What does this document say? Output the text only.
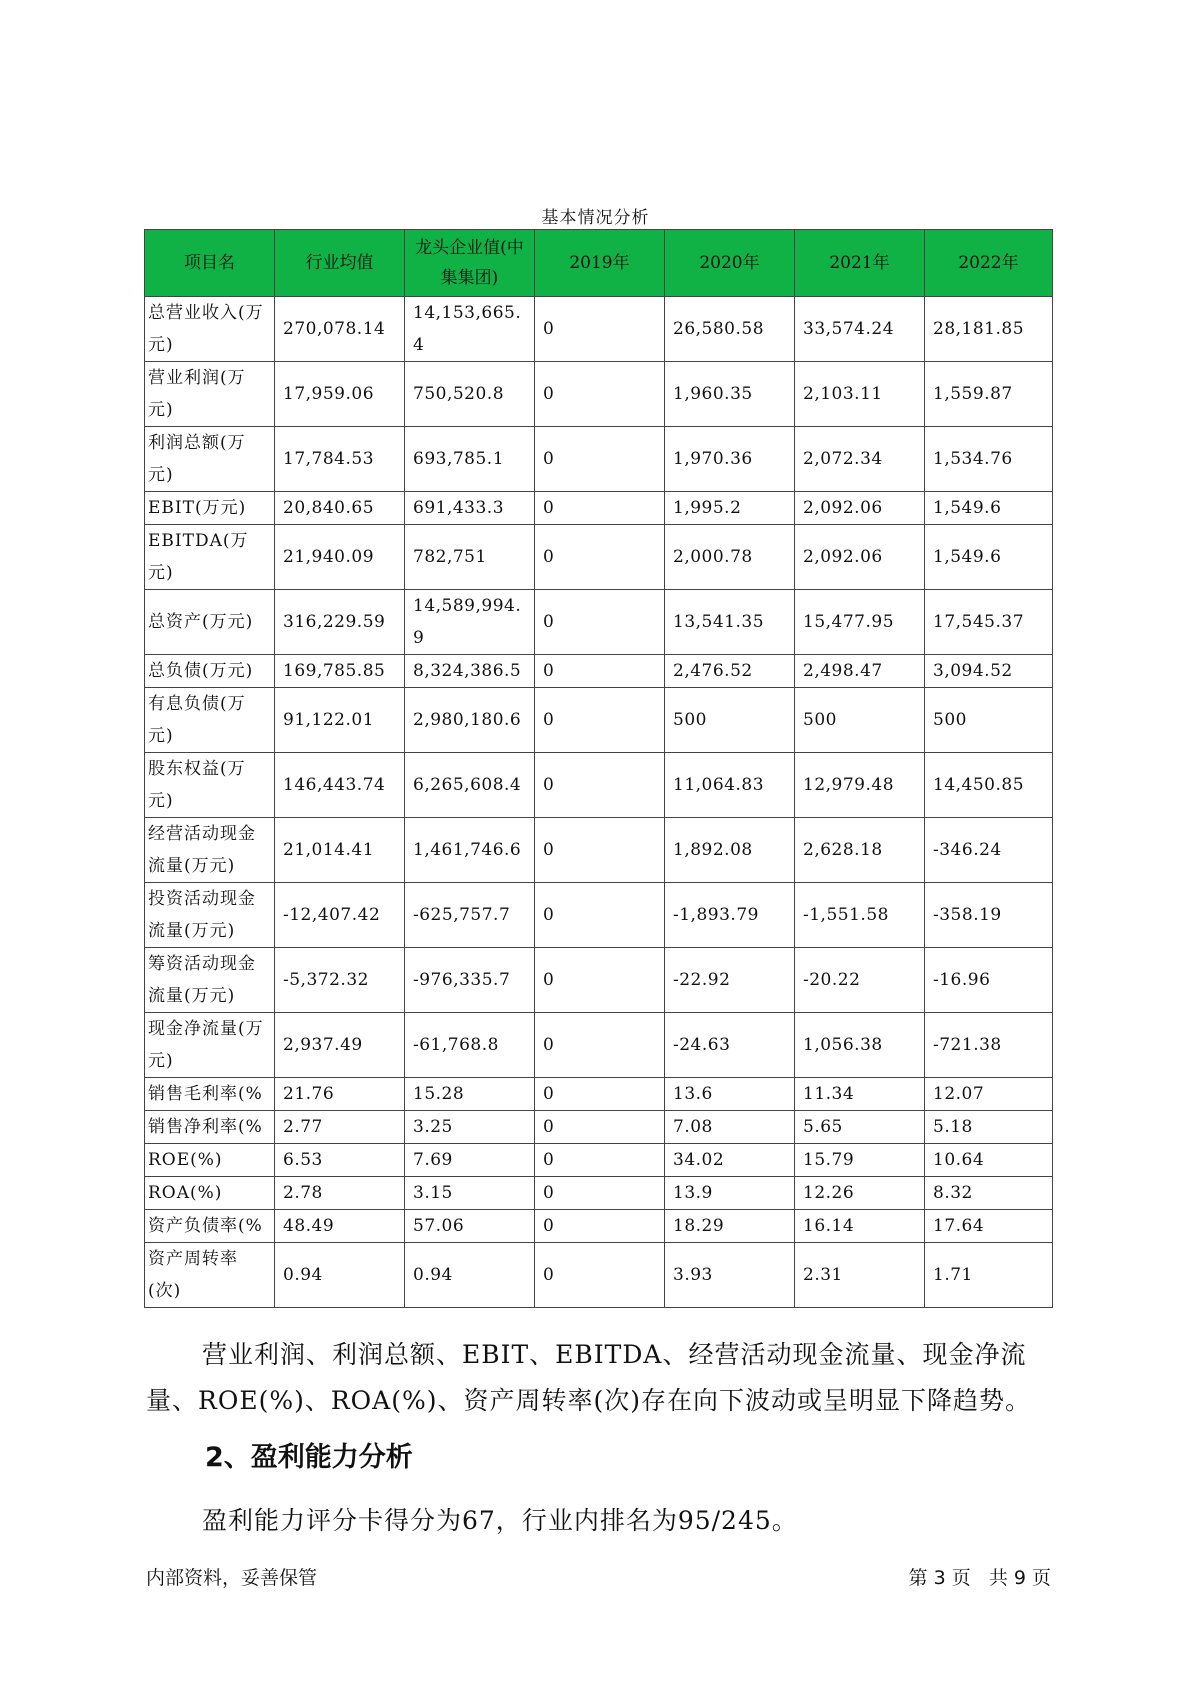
基本情况分析
项目名	行业均值	龙头企业值(中集集团)	2019年	2020年	2021年	2022年
总营业收入(万元)	270,078.14	14,153,665.4	0	26,580.58	33,574.24	28,181.85
营业利润(万元)	17,959.06	750,520.8	0	1,960.35	2,103.11	1,559.87
利润总额(万元)	17,784.53	693,785.1	0	1,970.36	2,072.34	1,534.76
EBIT(万元)	20,840.65	691,433.3	0	1,995.2	2,092.06	1,549.6
EBITDA(万元)	21,940.09	782,751	0	2,000.78	2,092.06	1,549.6
总资产(万元)	316,229.59	14,589,994.9	0	13,541.35	15,477.95	17,545.37
总负债(万元)	169,785.85	8,324,386.5	0	2,476.52	2,498.47	3,094.52
有息负债(万元)	91,122.01	2,980,180.6	0	500	500	500
股东权益(万元)	146,443.74	6,265,608.4	0	11,064.83	12,979.48	14,450.85
经营活动现金流量(万元)	21,014.41	1,461,746.6	0	1,892.08	2,628.18	-346.24
投资活动现金流量(万元)	-12,407.42	-625,757.7	0	-1,893.79	-1,551.58	-358.19
筹资活动现金流量(万元)	-5,372.32	-976,335.7	0	-22.92	-20.22	-16.96
现金净流量(万元)	2,937.49	-61,768.8	0	-24.63	1,056.38	-721.38
销售毛利率(%	21.76	15.28	0	13.6	11.34	12.07
销售净利率(%	2.77	3.25	0	7.08	5.65	5.18
ROE(%)	6.53	7.69	0	34.02	15.79	10.64
ROA(%)	2.78	3.15	0	13.9	12.26	8.32
资产负债率(%	48.49	57.06	0	18.29	16.14	17.64
资产周转率(次)	0.94	0.94	0	3.93	2.31	1.71
营业利润、利润总额、EBIT、EBITDA、经营活动现金流量、现金净流量、ROE(%)、ROA(%)、资产周转率(次)存在向下波动或呈明显下降趋势。
2、盈利能力分析
盈利能力评分卡得分为67，行业内排名为95/245。
内部资料，妥善保管	第 3 页   共 9 页
